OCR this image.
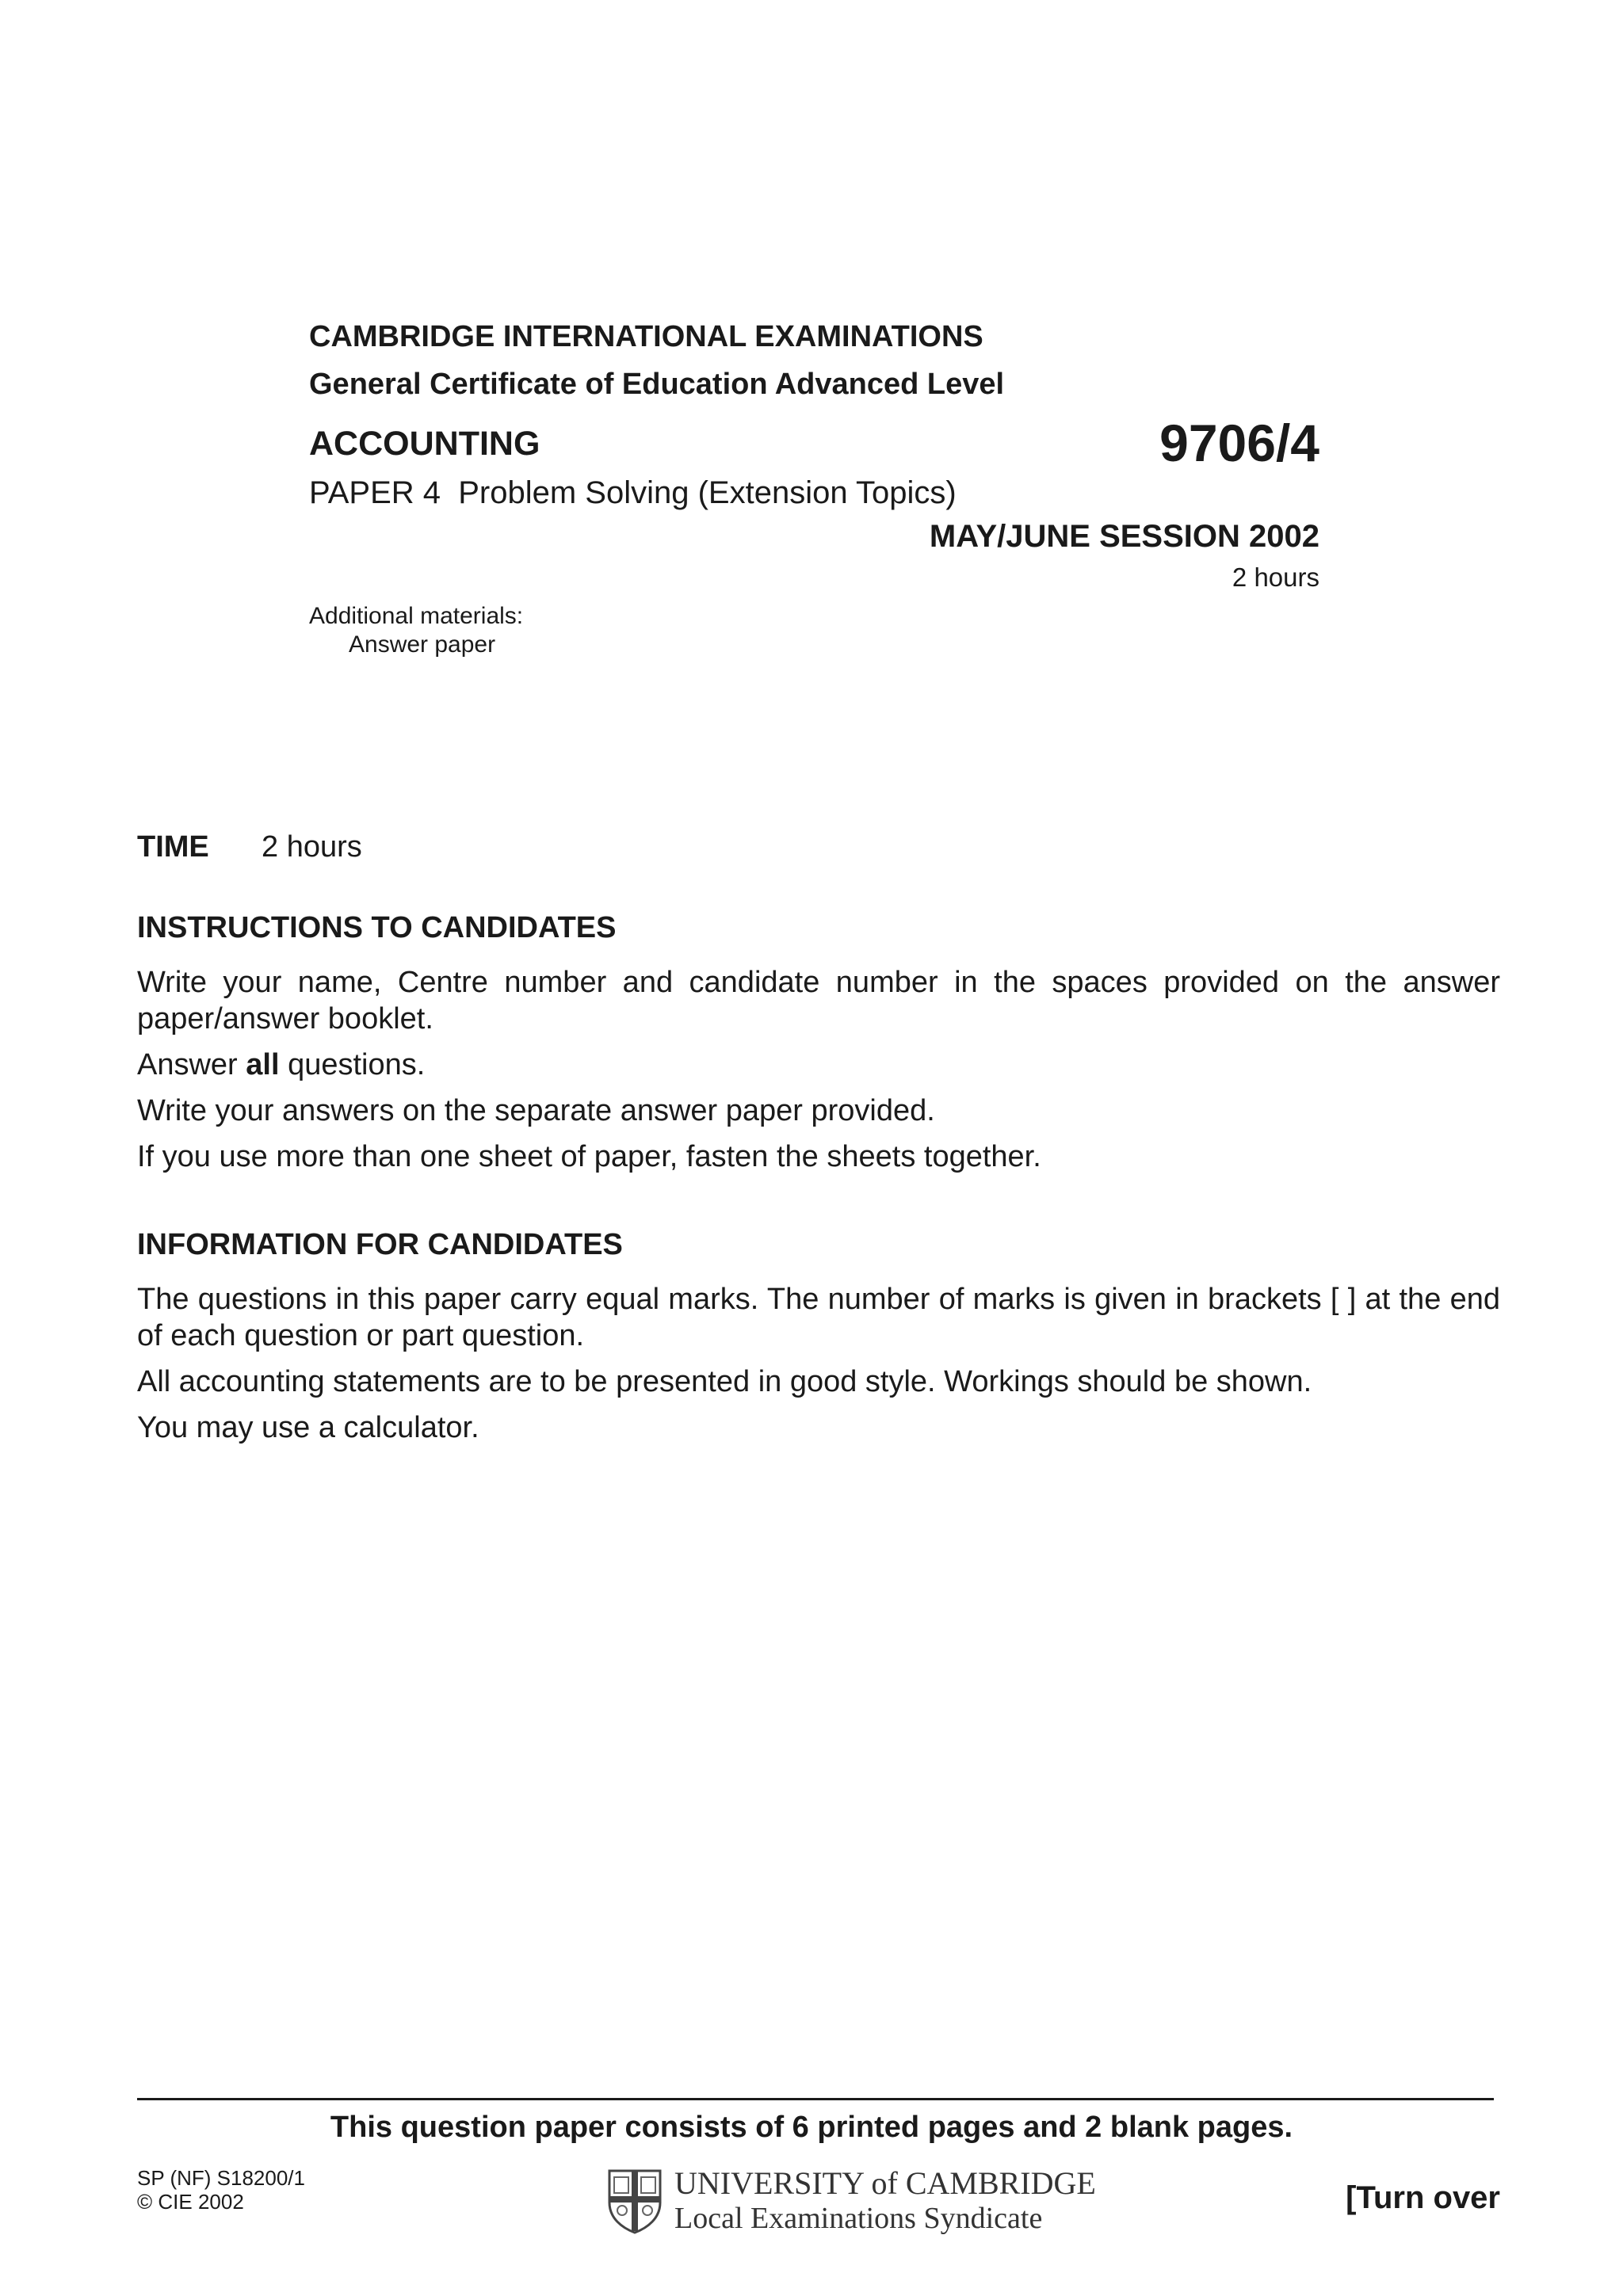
CAMBRIDGE INTERNATIONAL EXAMINATIONS

General Certificate of Education Advanced Level

ACCOUNTING	9706/4

PAPER 4  Problem Solving (Extension Topics)

MAY/JUNE SESSION 2002

2 hours

Additional materials:
Answer paper

TIME 2 hours

INSTRUCTIONS TO CANDIDATES

Write your name, Centre number and candidate number in the spaces provided on the answer paper/answer booklet.

Answer all questions.

Write your answers on the separate answer paper provided.

If you use more than one sheet of paper, fasten the sheets together.

INFORMATION FOR CANDIDATES

The questions in this paper carry equal marks. The number of marks is given in brackets [ ] at the end of each question or part question.

All accounting statements are to be presented in good style. Workings should be shown.

You may use a calculator.

This question paper consists of 6 printed pages and 2 blank pages.

SP (NF) S18200/1
© CIE 2002
UNIVERSITY of CAMBRIDGE
Local Examinations Syndicate

[Turn over
